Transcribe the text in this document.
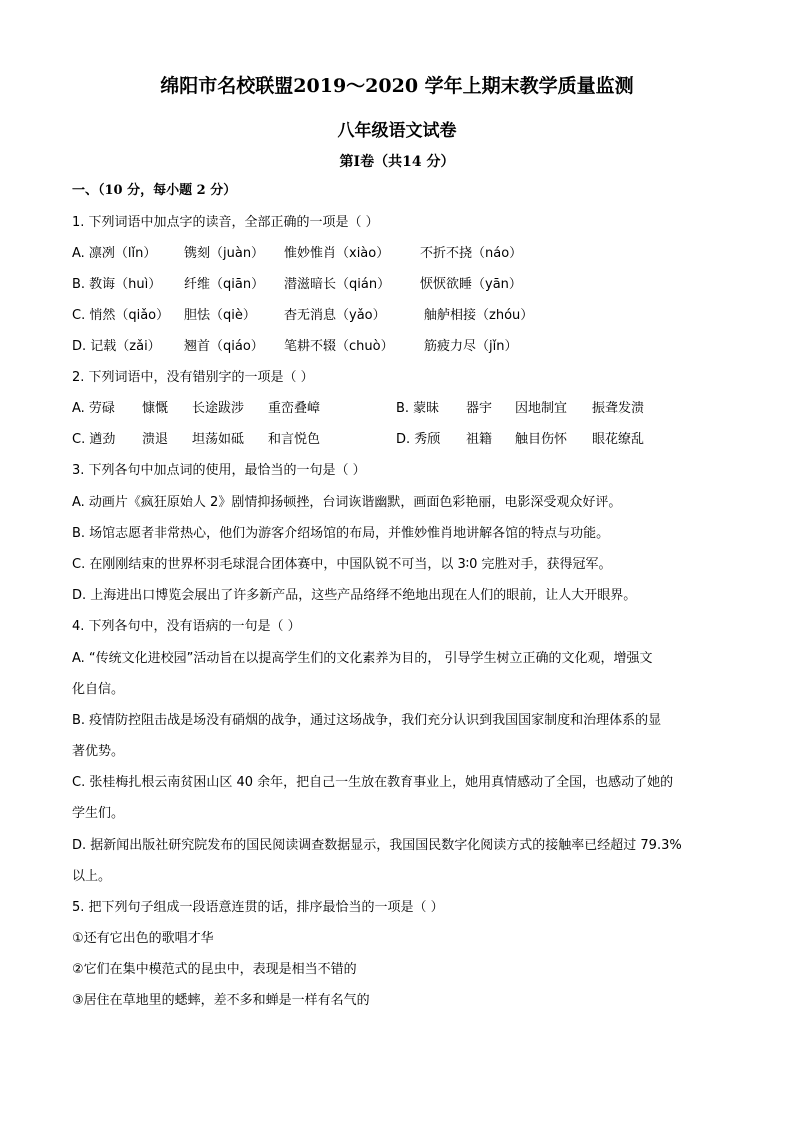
绵阳市名校联盟2019～2020 学年上期末教学质量监测
八年级语文试卷
第Ⅰ卷（共14 分）
一、（10 分，每小题 2 分）
1. 下列词语中加点字的读音，全部正确的一项是（ ）
A. 凛冽（lǐn） 镌刻（juàn） 惟妙惟肖（xiào） 不折不挠（náo）
B. 教诲（huì） 纤维（qiān） 潜滋暗长（qián） 恹恹欲睡（yān）
C. 悄然（qiǎo） 胆怯（qiè） 杳无消息（yǎo）	舳舻相接（zhóu）
D. 记载（zǎi） 翘首（qiáo） 笔耕不辍（chuò） 筋疲力尽（jǐn）
2. 下列词语中，没有错别字的一项是（ ）
A. 劳碌 慷慨 长途跋涉 重峦叠嶂	B. 蒙昧 器宇 因地制宜 振聋发溃
C. 遒劲 溃退 坦荡如砥 和言悦色	D. 秀颀 祖籍 触目伤怀 眼花缭乱
3. 下列各句中加点词的使用，最恰当的一句是（ ）
A. 动画片《疯狂原始人 2》剧情抑扬顿挫，台词诙谐幽默，画面色彩艳丽，电影深受观众好评。
B. 场馆志愿者非常热心，他们为游客介绍场馆的布局，并惟妙惟肖地讲解各馆的特点与功能。
C. 在刚刚结束的世界杯羽毛球混合团体赛中，中国队锐不可当，以 3∶0 完胜对手，获得冠军。
D. 上海进出口博览会展出了许多新产品，这些产品络绎不绝地出现在人们的眼前，让人大开眼界。
4. 下列各句中，没有语病的一句是（ ）
A. “传统文化进校园”活动旨在以提高学生们的文化素养为目的， 引导学生树立正确的文化观，增强文
化自信。
B. 疫情防控阻击战是场没有硝烟的战争，通过这场战争，我们充分认识到我国国家制度和治理体系的显
著优势。
C. 张桂梅扎根云南贫困山区 40 余年，把自己一生放在教育事业上，她用真情感动了全国，也感动了她的
学生们。
D. 据新闻出版社研究院发布的国民阅读调查数据显示，我国国民数字化阅读方式的接触率已经超过 79.3%
以上。
5. 把下列句子组成一段语意连贯的话，排序最恰当的一项是（ ）
①还有它出色的歌唱才华
②它们在集中模范式的昆虫中，表现是相当不错的
③居住在草地里的蟋蟀，差不多和蝉是一样有名气的
